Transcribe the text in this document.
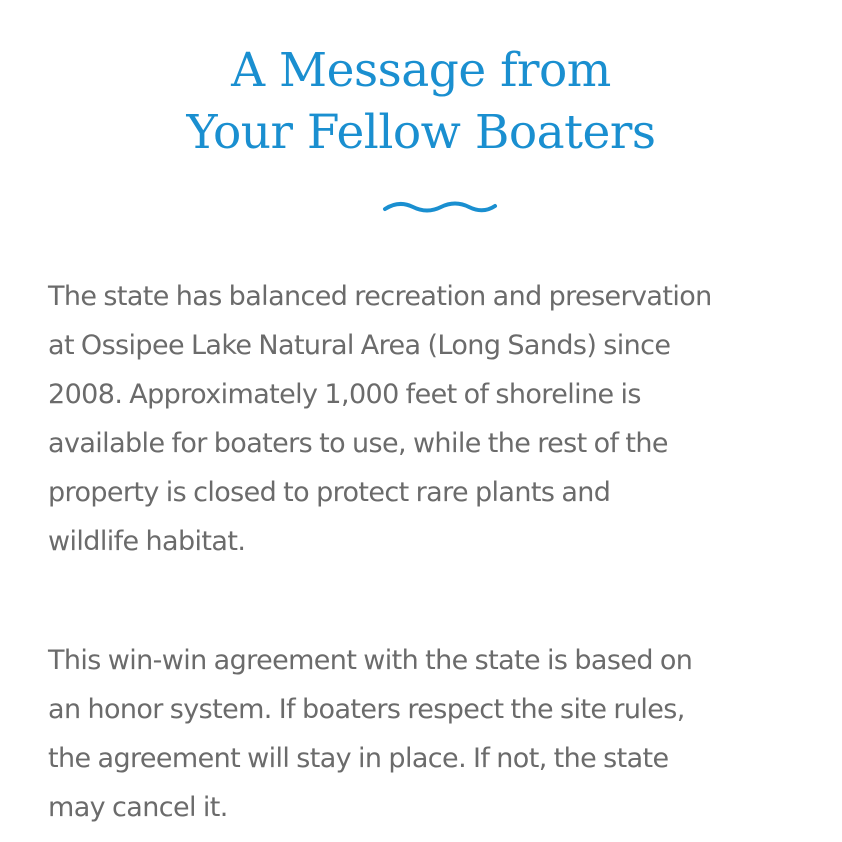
A Message from
Your Fellow Boaters

The state has balanced recreation and preservation
at Ossipee Lake Natural Area (Long Sands) since
2008. Approximately 1,000 feet of shoreline is
available for boaters to use, while the rest of the
property is closed to protect rare plants and
wildlife habitat.

This win-win agreement with the state is based on
an honor system. If boaters respect the site rules,
the agreement will stay in place. If not, the state
may cancel it.
